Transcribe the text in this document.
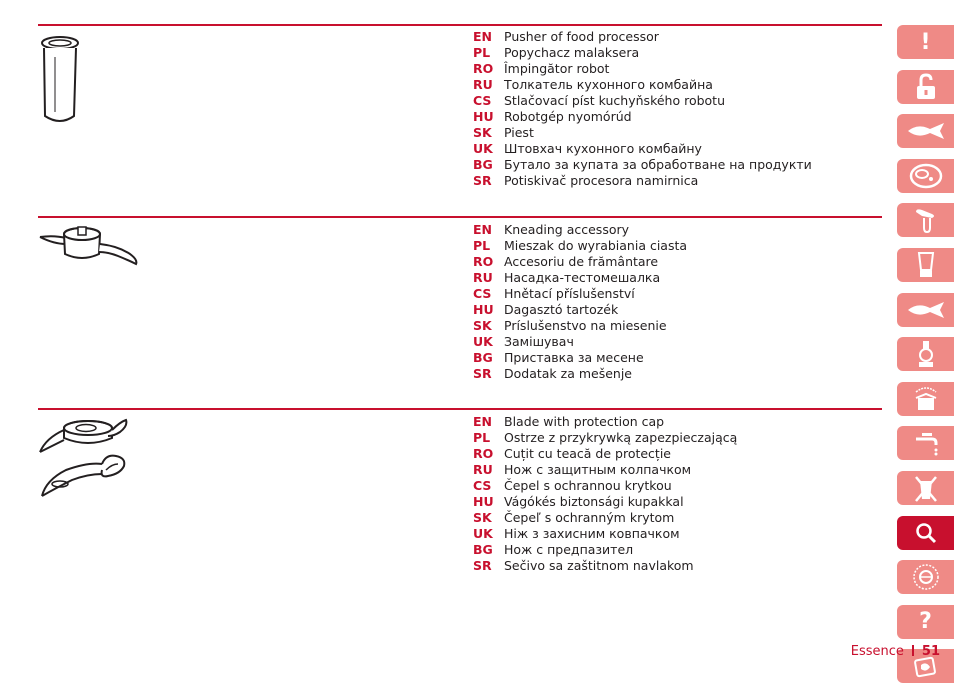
EN Pusher of food processor
PL	Popychacz malaksera
RO Împingător robot
RU Толкатель кухонного комбайна
CS	Stlačovací píst kuchyňského robotu
HU Robotgép nyomórúd
SK Piest
UK Штовхач кухонного комбайну
BG Бутало за купата за обработване на продукти
SR Potiskivač procesora namirnica
EN Kneading accessory
PL	Mieszak do wyrabiania ciasta
RO Accesoriu de frământare
RU Насадка-тестомешалка
CS	Hnětací příslušenství
HU Dagasztó tartozék
SK Príslušenstvo na miesenie
UK Замішувач
BG Приставка за месене
SR Dodatak za mešenje
EN Blade with protection cap
PL	Ostrze z przykrywką zapezpieczającą
RO Cuțit cu teacă de protecție
RU Нож с защитным колпачком
CS	Čepel s ochrannou krytkou
HU Vágókés biztonsági kupakkal
SK Čepeľ s ochranným krytom
UK Ніж з захисним ковпачком
BG Нож с предпазител
SR Sečivo sa zaštitnom navlakom
!
?
Essence 51
